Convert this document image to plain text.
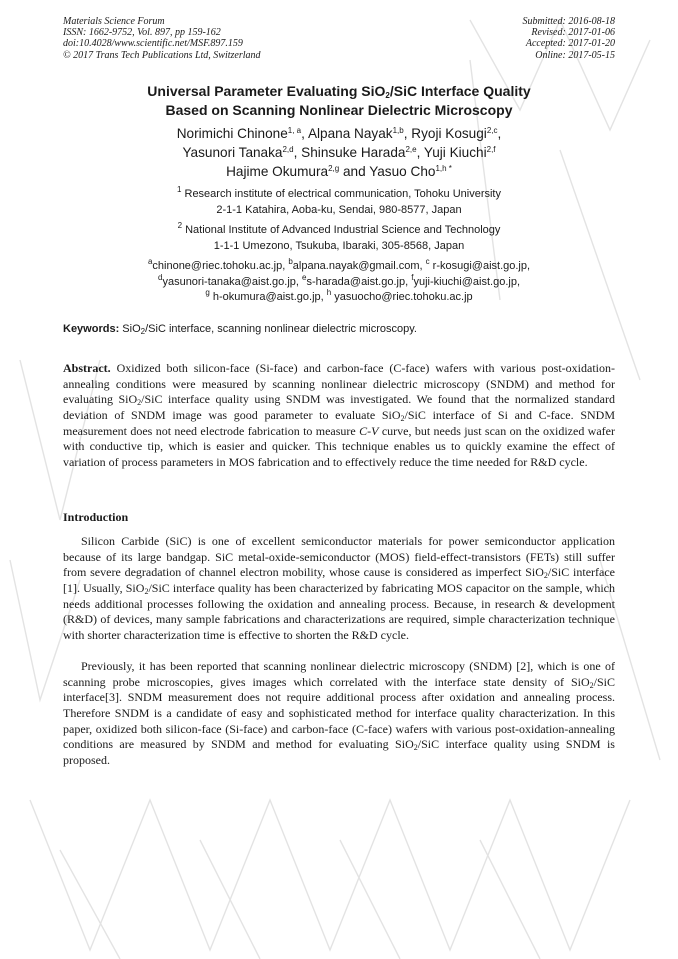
Materials Science Forum
ISSN: 1662-9752, Vol. 897, pp 159-162
doi:10.4028/www.scientific.net/MSF.897.159
© 2017 Trans Tech Publications Ltd, Switzerland
Submitted: 2016-08-18
Revised: 2017-01-06
Accepted: 2017-01-20
Online: 2017-05-15
Universal Parameter Evaluating SiO$_2$/SiC Interface Quality
Based on Scanning Nonlinear Dielectric Microscopy
Norimichi Chinone$^{1, a}$, Alpana Nayak$^{1,b}$, Ryoji Kosugi$^{2,c}$,
Yasunori Tanaka$^{2,d}$, Shinsuke Harada$^{2,e}$, Yuji Kiuchi$^{2,f}$
Hajime Okumura$^{2,g}$ and Yasuo Cho$^{1,h *}$
$^1$ Research institute of electrical communication, Tohoku University
2-1-1 Katahira, Aoba-ku, Sendai, 980-8577, Japan
$^2$ National Institute of Advanced Industrial Science and Technology
1-1-1 Umezono, Tsukuba, Ibaraki, 305-8568, Japan
$^a$chinone@riec.tohoku.ac.jp, $^b$alpana.nayak@gmail.com, $^c$ r-kosugi@aist.go.jp,
$^d$yasunori-tanaka@aist.go.jp, $^e$s-harada@aist.go.jp, $^f$yuji-kiuchi@aist.go.jp,
$^g$ h-okumura@aist.go.jp, $^h$ yasuocho@riec.tohoku.ac.jp
Keywords: SiO$_2$/SiC interface, scanning nonlinear dielectric microscopy.

Abstract. Oxidized both silicon-face (Si-face) and carbon-face (C-face) wafers with various post-oxidation-annealing conditions were measured by scanning nonlinear dielectric microscopy (SNDM) and method for evaluating SiO$_2$/SiC interface quality using SNDM was investigated. We found that the normalized standard deviation of SNDM image was good parameter to evaluate SiO$_2$/SiC interface of Si and C-face. SNDM measurement does not need electrode fabrication to measure C-V curve, but needs just scan on the oxidized wafer with conductive tip, which is easier and quicker. This technique enables us to quickly examine the effect of variation of process parameters in MOS fabrication and to effectively reduce the time needed for R&D cycle.

Introduction

Silicon Carbide (SiC) is one of excellent semiconductor materials for power semiconductor application because of its large bandgap. SiC metal-oxide-semiconductor (MOS) field-effect-transistors (FETs) still suffer from severe degradation of channel electron mobility, whose cause is considered as imperfect SiO$_2$/SiC interface [1]. Usually, SiO$_2$/SiC interface quality has been characterized by fabricating MOS capacitor on the sample, which needs additional processes following the oxidation and annealing process. Because, in research & development (R&D) of devices, many sample fabrications and characterizations are required, simple characterization technique with shorter characterization time is effective to shorten the R&D cycle.

Previously, it has been reported that scanning nonlinear dielectric microscopy (SNDM) [2], which is one of scanning probe microscopies, gives images which correlated with the interface state density of SiO$_2$/SiC interface[3]. SNDM measurement does not require additional process after oxidation and annealing process. Therefore SNDM is a candidate of easy and sophisticated method for interface quality characterization. In this paper, oxidized both silicon-face (Si-face) and carbon-face (C-face) wafers with various post-oxidation-annealing conditions are measured by SNDM and method for evaluating SiO$_2$/SiC interface quality using SNDM is proposed.
